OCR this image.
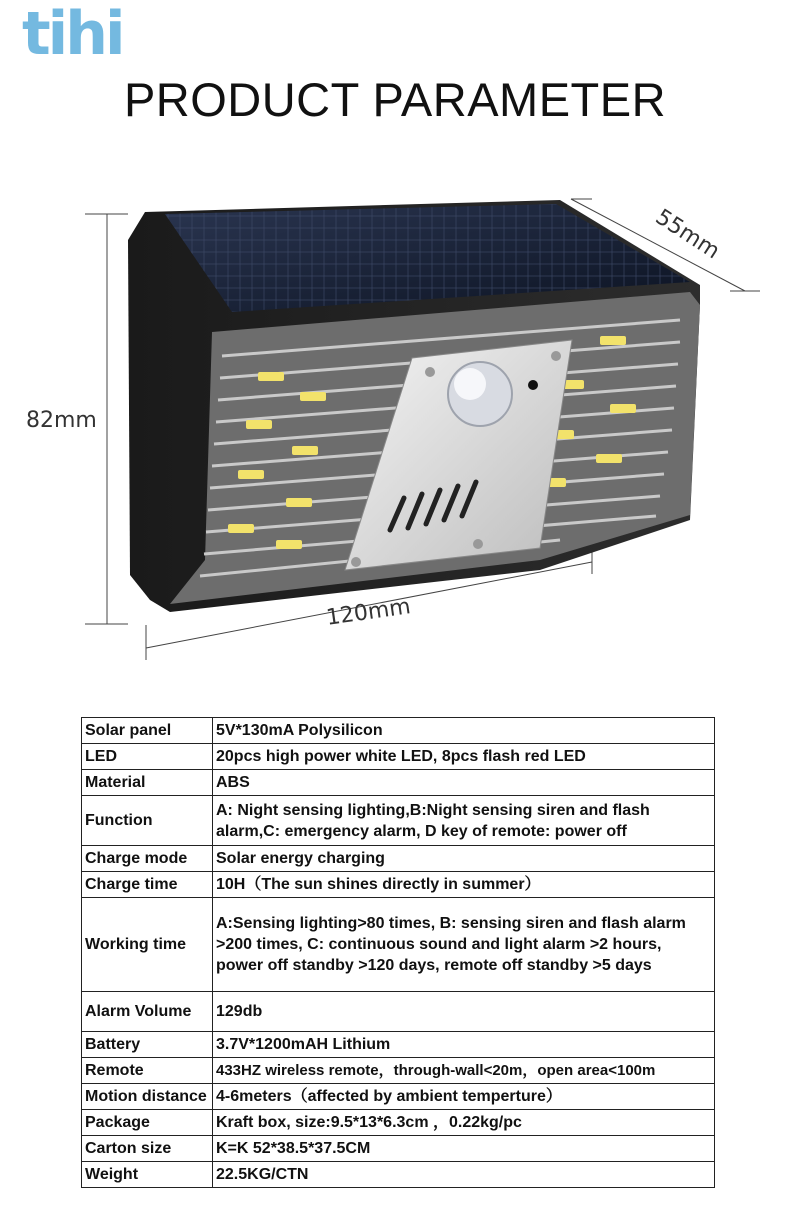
tihi
PRODUCT PARAMETER
82mm
120mm
55mm
Solar panel	5V*130mA Polysilicon
LED	20pcs high power white LED, 8pcs flash red LED
Material	ABS
Function	A: Night sensing lighting,B:Night sensing siren and flash alarm,C: emergency alarm, D key of remote: power off
Charge mode	Solar energy charging
Charge time	10H（The sun shines directly in summer）
Working time	A:Sensing lighting>80 times, B: sensing siren and flash alarm >200 times, C: continuous sound and light alarm >2 hours, power off standby >120 days, remote off standby >5 days
Alarm Volume	129db
Battery	3.7V*1200mAH Lithium
Remote	433HZ wireless remote，through-wall<20m，open area<100m
Motion distance	4-6meters（affected by ambient temperture）
Package	Kraft box, size:9.5*13*6.3cm ，0.22kg/pc
Carton size	K=K 52*38.5*37.5CM
Weight	22.5KG/CTN
